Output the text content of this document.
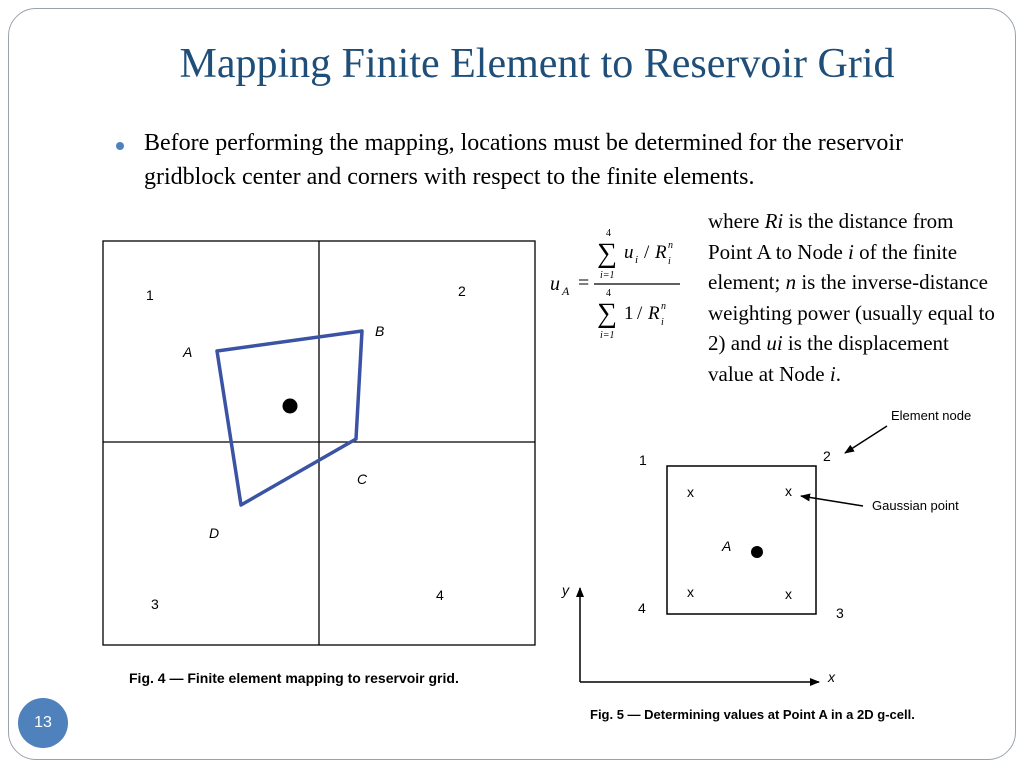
Mapping Finite Element to Reservoir Grid
Before performing the mapping, locations must be determined for the reservoir gridblock center and corners with respect to the finite elements.
where Ri is the distance from Point A to Node i of the finite element; n is the inverse-distance weighting power (usually equal to 2) and ui is the displacement value at Node i.
u A =
4
∑
i=1
u i / R n
i
4
∑
i=1
1 / R n
i
1	2
3
4
A
B
C
D
Fig. 4 — Finite element mapping to reservoir grid.
A
1	2
3
4
x	x
x	x
Element node
Gaussian point
y
x
Fig. 5 — Determining values at Point A in a 2D g-cell.
13
